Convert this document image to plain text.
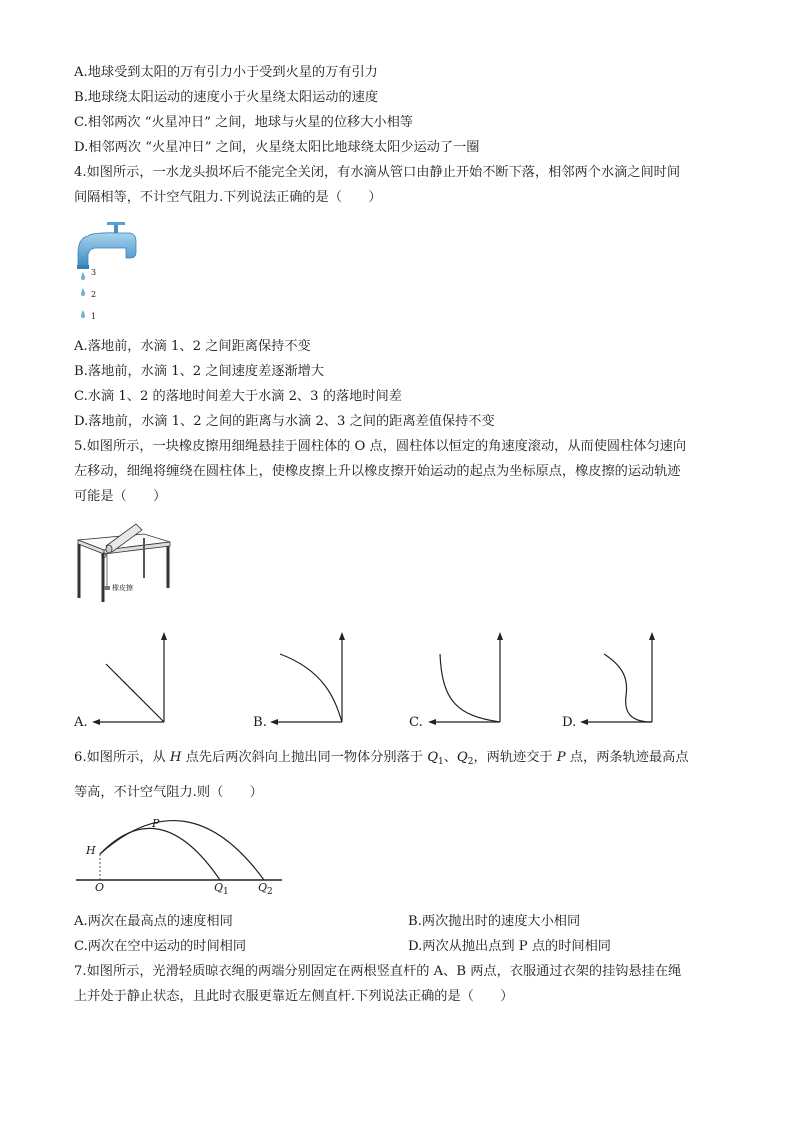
A.地球受到太阳的万有引力小于受到火星的万有引力
B.地球绕太阳运动的速度小于火星绕太阳运动的速度
C.相邻两次 “火星冲日” 之间，地球与火星的位移大小相等
D.相邻两次 “火星冲日” 之间，火星绕太阳比地球绕太阳少运动了一圈
4.如图所示，一水龙头损坏后不能完全关闭，有水滴从管口由静止开始不断下落，相邻两个水滴之间时间
间隔相等，不计空气阻力.下列说法正确的是（　　）
3
2
1
A.落地前，水滴 1、2 之间距离保持不变
B.落地前，水滴 1、2 之间速度差逐渐增大
C.水滴 1、2 的落地时间差大于水滴 2、3 的落地时间差
D.落地前，水滴 1、2 之间的距离与水滴 2、3 之间的距离差值保持不变
5.如图所示，一块橡皮擦用细绳悬挂于圆柱体的 O 点，圆柱体以恒定的角速度滚动，从而使圆柱体匀速向
左移动，细绳将缠绕在圆柱体上，使橡皮擦上升以橡皮擦开始运动的起点为坐标原点，橡皮擦的运动轨迹
可能是（　　）
O
橡皮擦
A.	B.	C.	D.
6.如图所示，从 H 点先后两次斜向上抛出同一物体分别落于 $Q_1$、$Q_2$，两轨迹交于 P 点，两条轨迹最高点
等高，不计空气阻力.则（　　）
H
P
O	$Q_1$	$Q_2$
A.两次在最高点的速度相同	B.两次抛出时的速度大小相同
C.两次在空中运动的时间相同	D.两次从抛出点到 P 点的时间相同
7.如图所示，光滑轻质晾衣绳的两端分别固定在两根竖直杆的 A、B 两点，衣服通过衣架的挂钩悬挂在绳
上并处于静止状态，且此时衣服更靠近左侧直杆.下列说法正确的是（　　）
